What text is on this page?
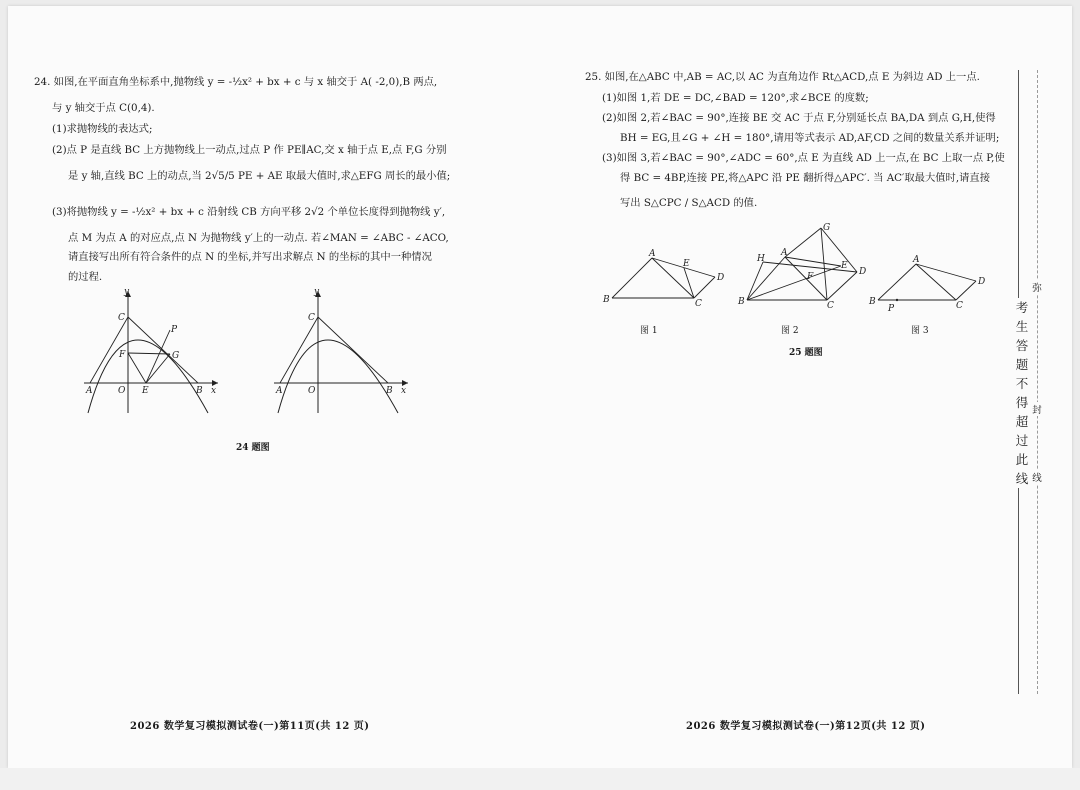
24. 如图,在平面直角坐标系中,抛物线 y = -½x² + bx + c 与 x 轴交于 A( -2,0),B 两点,
与 y 轴交于点 C(0,4).
(1)求抛物线的表达式;
(2)点 P 是直线 BC 上方抛物线上一动点,过点 P 作 PE∥AC,交 x 轴于点 E,点 F,G 分别
是 y 轴,直线 BC 上的动点,当 2√5/5 PE + AE 取最大值时,求△EFG 周长的最小值;
(3)将抛物线 y = -½x² + bx + c 沿射线 CB 方向平移 2√2 个单位长度得到抛物线 y′,
点 M 为点 A 的对应点,点 N 为抛物线 y′上的一动点. 若∠MAN = ∠ABC - ∠ACO,
请直接写出所有符合条件的点 N 的坐标,并写出求解点 N 的坐标的其中一种情况
的过程.
y
C
P
F	G
A	O E	B x
y
C
A	O	B x
24 题图
25. 如图,在△ABC 中,AB = AC,以 AC 为直角边作 Rt△ACD,点 E 为斜边 AD 上一点.
(1)如图 1,若 DE = DC,∠BAD = 120°,求∠BCE 的度数;
(2)如图 2,若∠BAC = 90°,连接 BE 交 AC 于点 F,分别延长点 BA,DA 到点 G,H,使得
BH = EG,且∠G + ∠H = 180°,请用等式表示 AD,AF,CD 之间的数量关系并证明;
(3)如图 3,若∠BAC = 90°,∠ADC = 60°,点 E 为直线 AD 上一点,在 BC 上取一点 P,使
得 BC = 4BP,连接 PE,将△APC 沿 PE 翻折得△APC′. 当 AC′取最大值时,请直接
写出 S△CPC / S△ACD 的值.
B
A
E
D
C	B
H
A
G
E
D
F
C	B
A
D
C
P
图 1	图 2	图 3
25 题图
弥
封
线
考生答题不得超过此线
2026 数学复习模拟测试卷(一)第11页(共 12 页)	2026 数学复习模拟测试卷(一)第12页(共 12 页)
